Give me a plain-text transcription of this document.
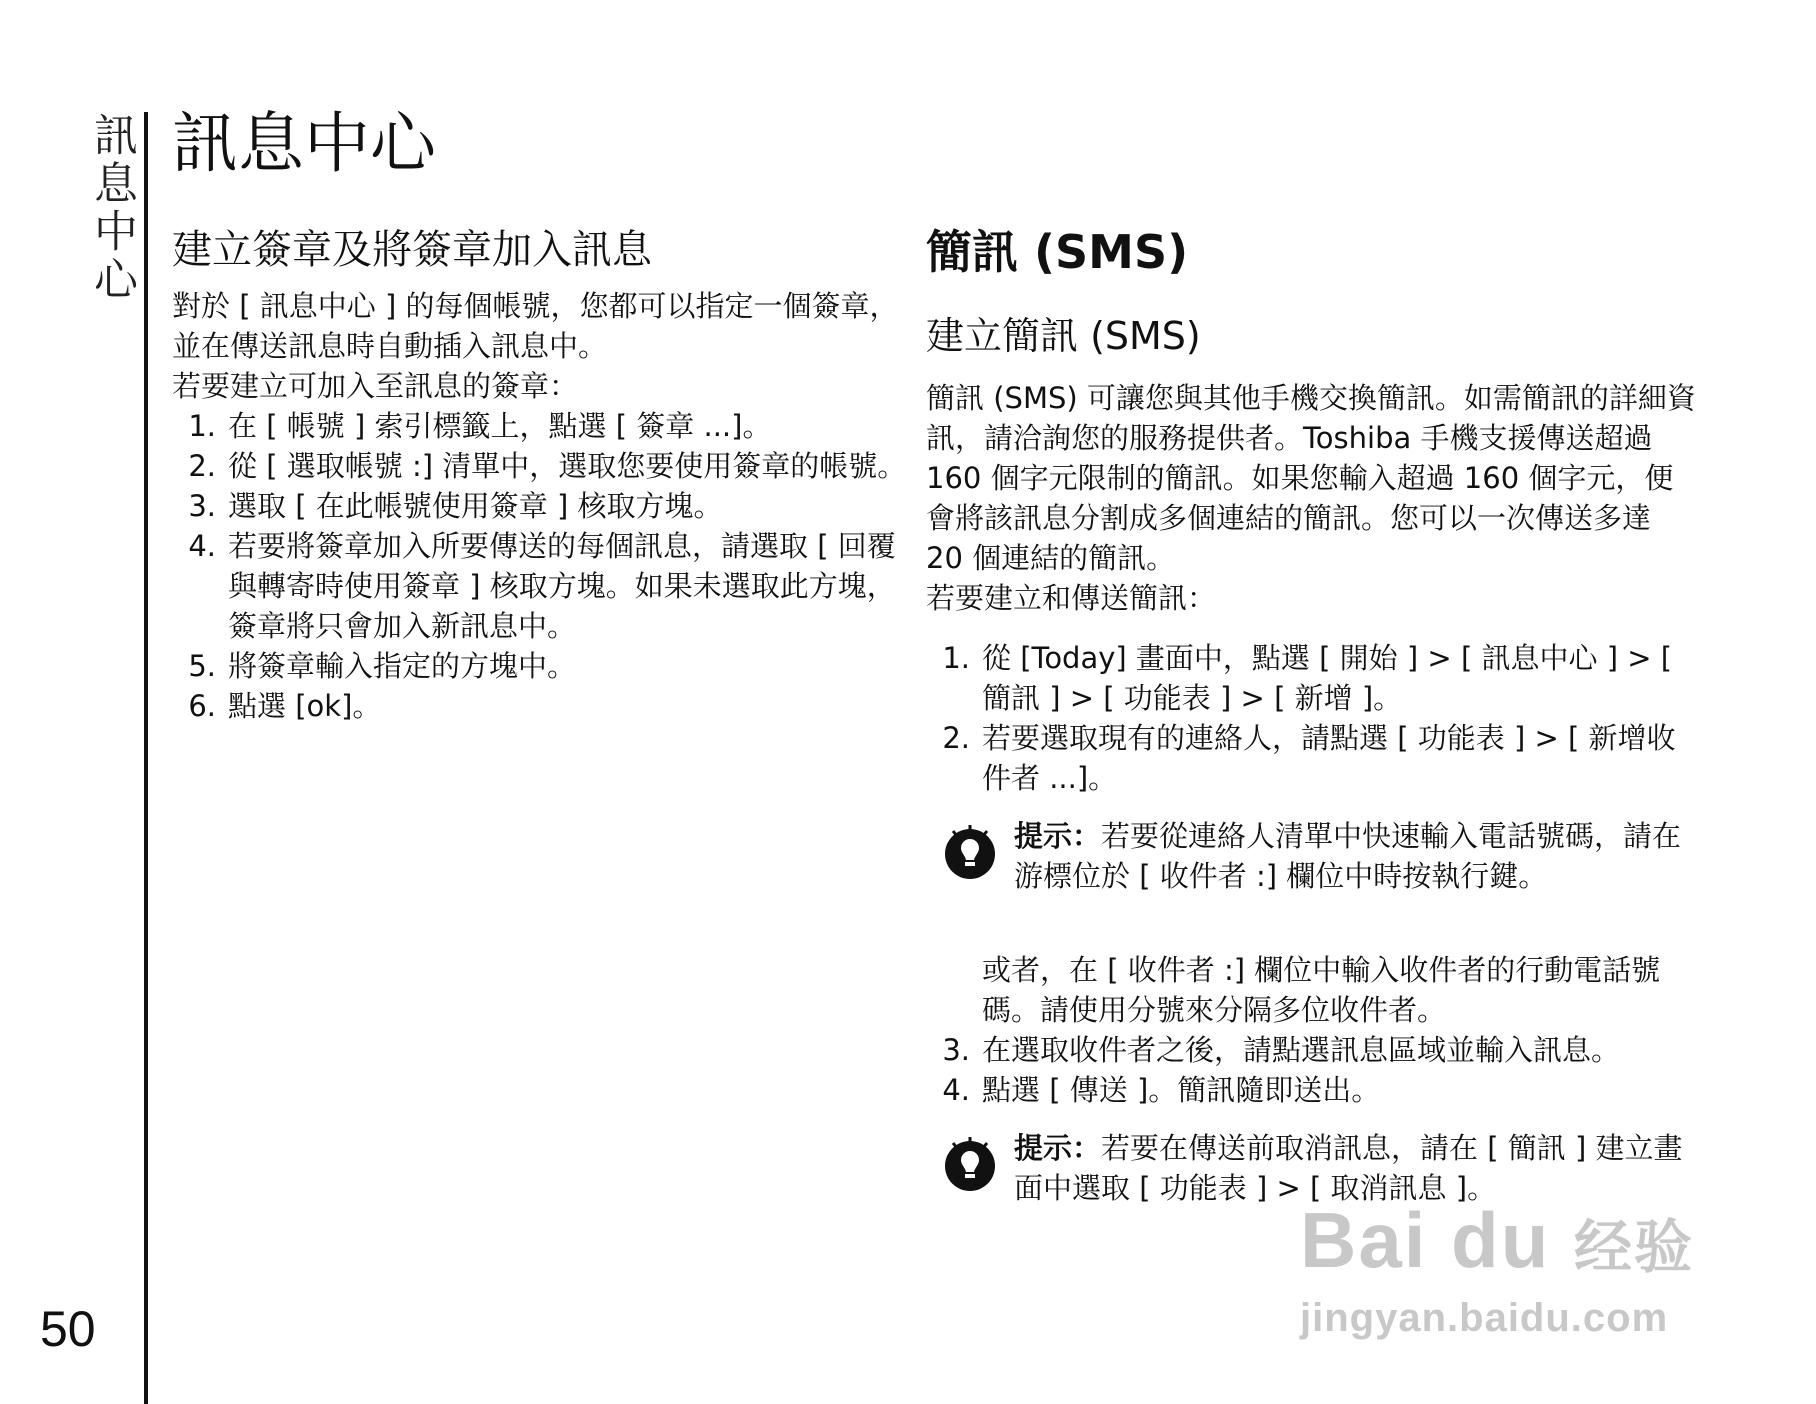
訊息中心
50
訊息中心
建立簽章及將簽章加入訊息

對於 [ 訊息中心 ] 的每個帳號，您都可以指定一個簽章，並在傳送訊息時自動插入訊息中。

若要建立可加入至訊息的簽章：

1. 在 [ 帳號 ] 索引標籤上，點選 [ 簽章 ...]。
2. 從 [ 選取帳號 :] 清單中，選取您要使用簽章的帳號。
3. 選取 [ 在此帳號使用簽章 ] 核取方塊。
4. 若要將簽章加入所要傳送的每個訊息，請選取 [ 回覆與轉寄時使用簽章 ] 核取方塊。如果未選取此方塊，簽章將只會加入新訊息中。
5. 將簽章輸入指定的方塊中。
6. 點選 [ok]。
簡訊 (SMS)
建立簡訊 (SMS)

簡訊 (SMS) 可讓您與其他手機交換簡訊。如需簡訊的詳細資訊，請洽詢您的服務提供者。Toshiba 手機支援傳送超過 160 個字元限制的簡訊。如果您輸入超過 160 個字元，便會將該訊息分割成多個連結的簡訊。您可以一次傳送多達 20 個連結的簡訊。

若要建立和傳送簡訊：

1. 從 [Today] 畫面中，點選 [ 開始 ] > [ 訊息中心 ] > [ 簡訊 ] > [ 功能表 ] > [ 新增 ]。
2. 若要選取現有的連絡人，請點選 [ 功能表 ] > [ 新增收件者 ...]。
提示：若要從連絡人清單中快速輸入電話號碼，請在游標位於 [ 收件者 :] 欄位中時按執行鍵。

或者，在 [ 收件者 :] 欄位中輸入收件者的行動電話號碼。請使用分號來分隔多位收件者。

3. 在選取收件者之後，請點選訊息區域並輸入訊息。
4. 點選 [ 傳送 ]。簡訊隨即送出。
提示：若要在傳送前取消訊息，請在 [ 簡訊 ] 建立畫面中選取 [ 功能表 ] > [ 取消訊息 ]。
Bai du 经验
jingyan.baidu.com
